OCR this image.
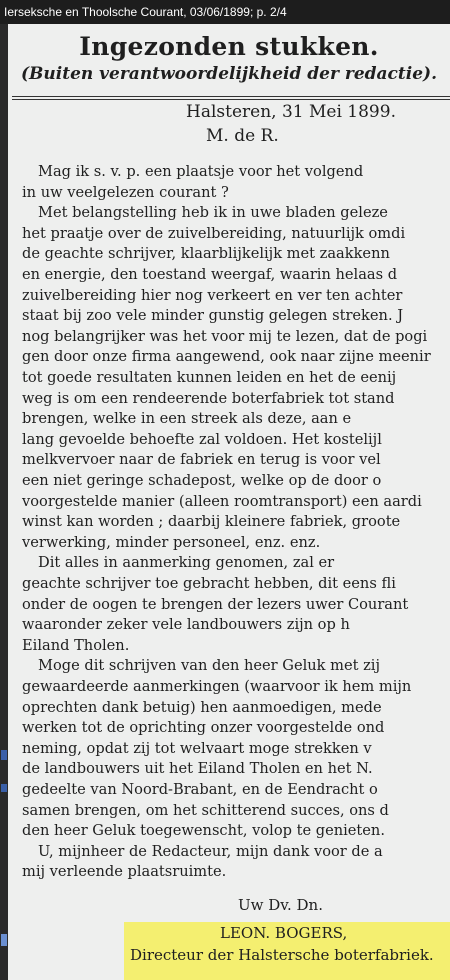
Ierseksche en Thoolsche Courant, 03/06/1899; p. 2/4
Ingezonden stukken.
(Buiten verantwoordelijkheid der redactie).
Halsteren, 31 Mei 1899.
M. de R.
Mag ik s. v. p. een plaatsje voor het volgend
in uw veelgelezen courant ?
Met belangstelling heb ik in uwe bladen geleze
het praatje over de zuivelbereiding, natuurlijk omdi
de geachte schrijver, klaarblijkelijk met zaakkenn
en energie, den toestand weergaf, waarin helaas d
zuivelbereiding hier nog verkeert en ver ten achter
staat bij zoo vele minder gunstig gelegen streken. J
nog belangrijker was het voor mij te lezen, dat de pogi
gen door onze firma aangewend, ook naar zijne meenir
tot goede resultaten kunnen leiden en het de eenij
weg is om een rendeerende boterfabriek tot stand
brengen, welke in een streek als deze, aan e
lang gevoelde behoefte zal voldoen. Het kostelijl
melkvervoer naar de fabriek en terug is voor vel
een niet geringe schadepost, welke op de door o
voorgestelde manier (alleen roomtransport) een aardi
winst kan worden ; daarbij kleinere fabriek, groote
verwerking, minder personeel, enz. enz.
Dit alles in aanmerking genomen, zal er
geachte schrijver toe gebracht hebben, dit eens fli
onder de oogen te brengen der lezers uwer Courant
waaronder zeker vele landbouwers zijn op h
Eiland Tholen.
Moge dit schrijven van den heer Geluk met zij
gewaardeerde aanmerkingen (waarvoor ik hem mijn
oprechten dank betuig) hen aanmoedigen, mede
werken tot de oprichting onzer voorgestelde ond
neming, opdat zij tot welvaart moge strekken v
de landbouwers uit het Eiland Tholen en het N.
gedeelte van Noord-Brabant, en de Eendracht o
samen brengen, om het schitterend succes, ons d
den heer Geluk toegewenscht, volop te genieten.
U, mijnheer de Redacteur, mijn dank voor de a
mij verleende plaatsruimte.
Uw Dv. Dn.
LEON. BOGERS,
Directeur der Halstersche boterfabriek.
